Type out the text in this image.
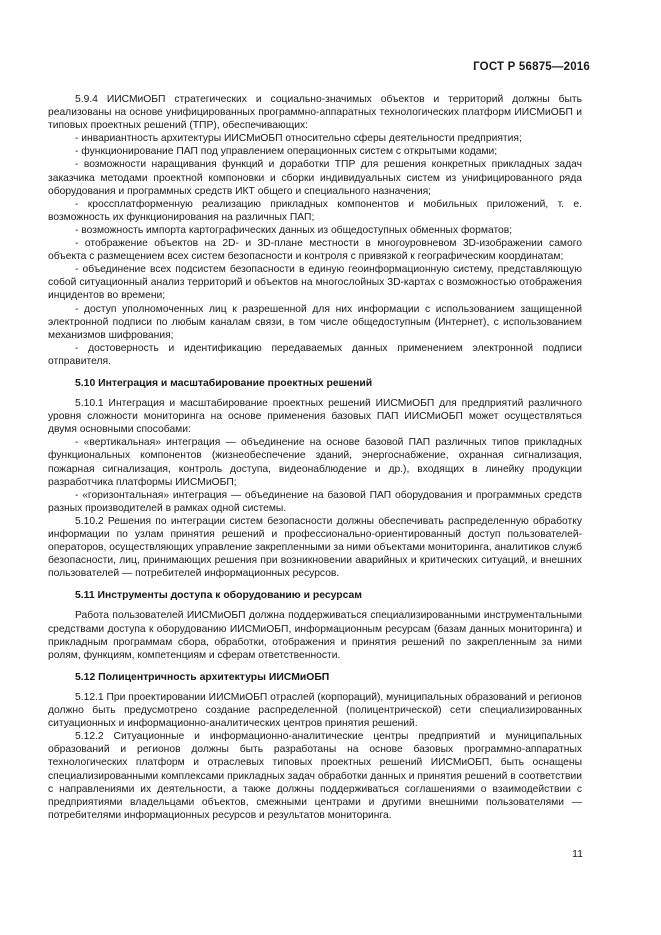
ГОСТ Р 56875—2016

5.9.4 ИИСМиОБП стратегических и социально-значимых объектов и территорий должны быть реализованы на основе унифицированных программно-аппаратных технологических платформ ИИСМиОБП и типовых проектных решений (ТПР), обеспечивающих:

- инвариантность архитектуры ИИСМиОБП относительно сферы деятельности предприятия;

- функционирование ПАП под управлением операционных систем с открытыми кодами;

- возможности наращивания функций и доработки ТПР для решения конкретных прикладных задач заказчика методами проектной компоновки и сборки индивидуальных систем из унифицированного ряда оборудования и программных средств ИКТ общего и специального назначения;

- кроссплатформенную реализацию прикладных компонентов и мобильных приложений, т. е. возможность их функционирования на различных ПАП;

- возможность импорта картографических данных из общедоступных обменных форматов;

- отображение объектов на 2D- и 3D-плане местности в многоуровневом 3D-изображении самого объекта с размещением всех систем безопасности и контроля с привязкой к географическим координатам;

- объединение всех подсистем безопасности в единую геоинформационную систему, представляющую собой ситуационный анализ территорий и объектов на многослойных 3D-картах с возможностью отображения инцидентов во времени;

- доступ уполномоченных лиц к разрешенной для них информации с использованием защищенной электронной подписи по любым каналам связи, в том числе общедоступным (Интернет), с использованием механизмов шифрования;

- достоверность и идентификацию передаваемых данных применением электронной подписи отправителя.

5.10 Интеграция и масштабирование проектных решений

5.10.1 Интеграция и масштабирование проектных решений ИИСМиОБП для предприятий различного уровня сложности мониторинга на основе применения базовых ПАП ИИСМиОБП может осуществляться двумя основными способами:

- «вертикальная» интеграция — объединение на основе базовой ПАП различных типов прикладных функциональных компонентов (жизнеобеспечение зданий, энергоснабжение, охранная сигнализация, пожарная сигнализация, контроль доступа, видеонаблюдение и др.), входящих в линейку продукции разработчика платформы ИИСМиОБП;

- «горизонтальная» интеграция — объединение на базовой ПАП оборудования и программных средств разных производителей в рамках одной системы.

5.10.2 Решения по интеграции систем безопасности должны обеспечивать распределенную обработку информации по узлам принятия решений и профессионально-ориентированный доступ пользователей-операторов, осуществляющих управление закрепленными за ними объектами мониторинга, аналитиков служб безопасности, лиц, принимающих решения при возникновении аварийных и критических ситуаций, и внешних пользователей — потребителей информационных ресурсов.

5.11 Инструменты доступа к оборудованию и ресурсам

Работа пользователей ИИСМиОБП должна поддерживаться специализированными инструментальными средствами доступа к оборудованию ИИСМиОБП, информационным ресурсам (базам данных мониторинга) и прикладным программам сбора, обработки, отображения и принятия решений по закрепленным за ними ролям, функциям, компетенциям и сферам ответственности.

5.12 Полицентричность архитектуры ИИСМиОБП

5.12.1 При проектировании ИИСМиОБП отраслей (корпораций), муниципальных образований и регионов должно быть предусмотрено создание распределенной (полицентрической) сети специализированных ситуационных и информационно-аналитических центров принятия решений.

5.12.2 Ситуационные и информационно-аналитические центры предприятий и муниципальных образований и регионов должны быть разработаны на основе базовых программно-аппаратных технологических платформ и отраслевых типовых проектных решений ИИСМиОБП, быть оснащены специализированными комплексами прикладных задач обработки данных и принятия решений в соответствии с направлениями их деятельности, а также должны поддерживаться соглашениями о взаимодействии с предприятиями владельцами объектов, смежными центрами и другими внешними пользователями — потребителями информационных ресурсов и результатов мониторинга.

11
